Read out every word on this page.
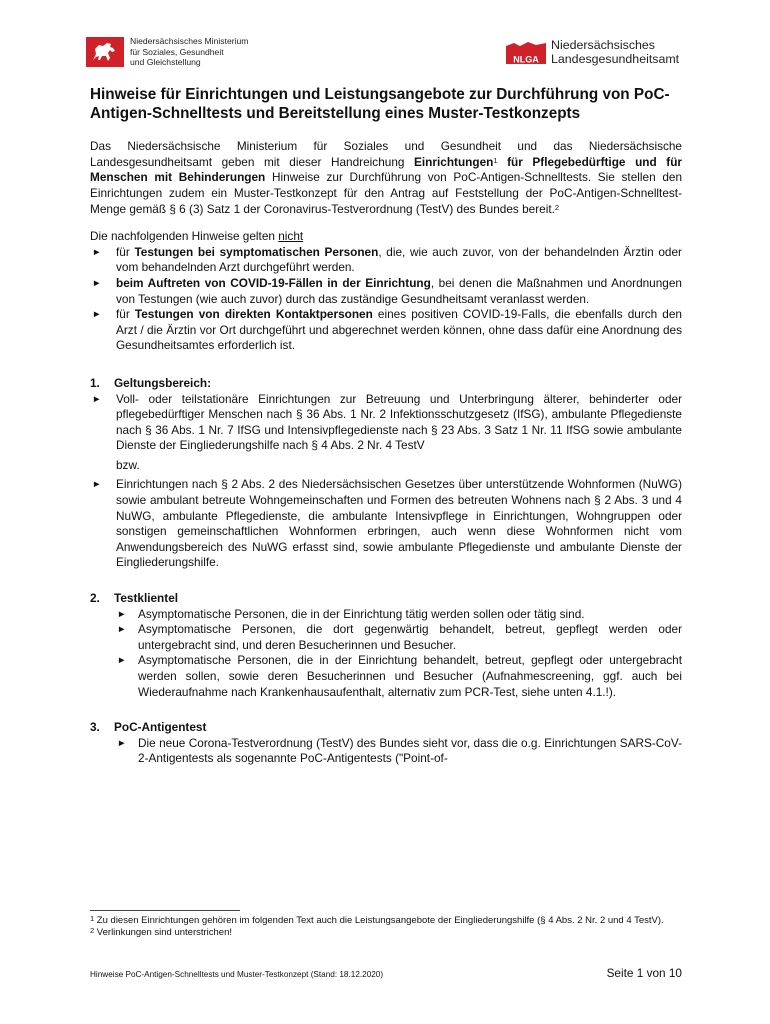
Niedersächsisches Ministerium
für Soziales, Gesundheit
und Gleichstellung	NLGA
Niedersächsisches
Landesgesundheitsamt
Hinweise für Einrichtungen und Leistungsangebote zur Durchführung von PoC-Antigen-Schnelltests und Bereitstellung eines Muster-Testkonzepts

Das Niedersächsische Ministerium für Soziales und Gesundheit und das Niedersächsische Landesgesundheitsamt geben mit dieser Handreichung Einrichtungen$^1$ für Pflegebedürftige und für Menschen mit Behinderungen Hinweise zur Durchführung von PoC-Antigen-Schnelltests. Sie stellen den Einrichtungen zudem ein Muster-Testkonzept für den Antrag auf Feststellung der PoC-Antigen-Schnelltest-Menge gemäß § 6 (3) Satz 1 der Coronavirus-Testverordnung (TestV) des Bundes bereit.$^2$

Die nachfolgenden Hinweise gelten nicht
► für Testungen bei symptomatischen Personen, die, wie auch zuvor, von der behandelnden Ärztin oder vom behandelnden Arzt durchgeführt werden.
► beim Auftreten von COVID-19-Fällen in der Einrichtung, bei denen die Maßnahmen und Anordnungen von Testungen (wie auch zuvor) durch das zuständige Gesundheitsamt veranlasst werden.
► für Testungen von direkten Kontaktpersonen eines positiven COVID-19-Falls, die ebenfalls durch den Arzt / die Ärztin vor Ort durchgeführt und abgerechnet werden können, ohne dass dafür eine Anordnung des Gesundheitsamtes erforderlich ist.
1.	Geltungsbereich:
► Voll- oder teilstationäre Einrichtungen zur Betreuung und Unterbringung älterer, behinderter oder pflegebedürftiger Menschen nach § 36 Abs. 1 Nr. 2 Infektionsschutzgesetz (IfSG), ambulante Pflegedienste nach § 36 Abs. 1 Nr. 7 IfSG und Intensivpflegedienste nach § 23 Abs. 3 Satz 1 Nr. 11 IfSG sowie ambulante Dienste der Eingliederungshilfe nach § 4 Abs. 2 Nr. 4 TestV
bzw.
► Einrichtungen nach § 2 Abs. 2 des Niedersächsischen Gesetzes über unterstützende Wohnformen (NuWG) sowie ambulant betreute Wohngemeinschaften und Formen des betreuten Wohnens nach § 2 Abs. 3 und 4 NuWG, ambulante Pflegedienste, die ambulante Intensivpflege in Einrichtungen, Wohngruppen oder sonstigen gemeinschaftlichen Wohnformen erbringen, auch wenn diese Wohnformen nicht vom Anwendungsbereich des NuWG erfasst sind, sowie ambulante Pflegedienste und ambulante Dienste der Eingliederungshilfe.
2.	Testklientel
► Asymptomatische Personen, die in der Einrichtung tätig werden sollen oder tätig sind.
► Asymptomatische Personen, die dort gegenwärtig behandelt, betreut, gepflegt werden oder untergebracht sind, und deren Besucherinnen und Besucher.
► Asymptomatische Personen, die in der Einrichtung behandelt, betreut, gepflegt oder untergebracht werden sollen, sowie deren Besucherinnen und Besucher (Aufnahmescreening, ggf. auch bei Wiederaufnahme nach Krankenhausaufenthalt, alternativ zum PCR-Test, siehe unten 4.1.!).
3.	PoC-Antigentest
► Die neue Corona-Testverordnung (TestV) des Bundes sieht vor, dass die o.g. Einrichtungen SARS-CoV-2-Antigentests als sogenannte PoC-Antigentests ("Point-of-
$^1$ Zu diesen Einrichtungen gehören im folgenden Text auch die Leistungsangebote der Eingliederungshilfe (§ 4 Abs. 2 Nr. 2 und 4 TestV).
$^2$ Verlinkungen sind unterstrichen!
Hinweise PoC-Antigen-Schnelltests und Muster-Testkonzept (Stand: 18.12.2020)	Seite 1 von 10
